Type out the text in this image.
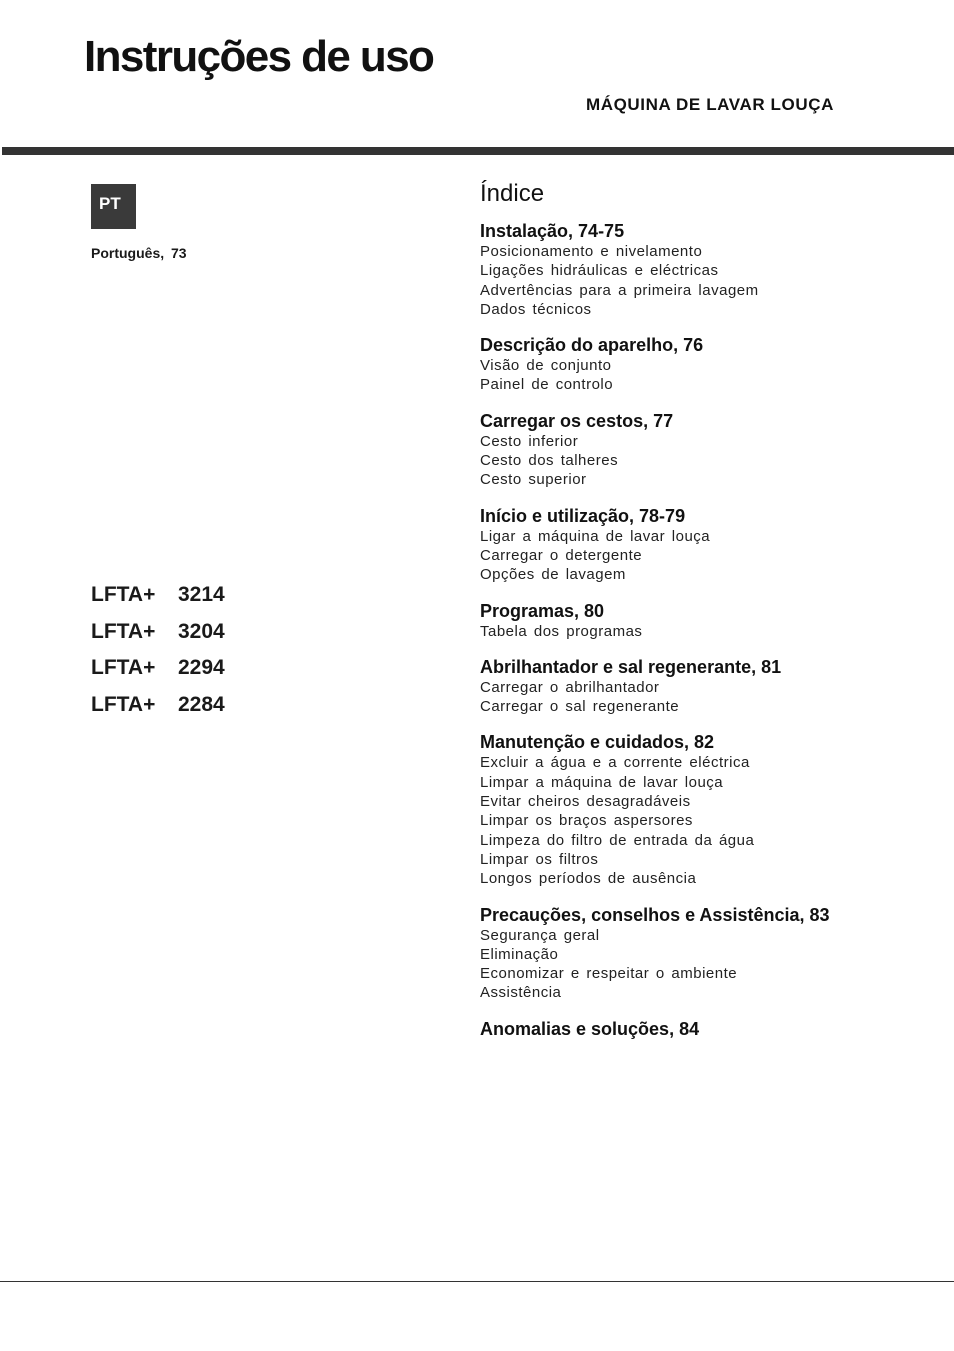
Instruções de uso
MÁQUINA DE LAVAR LOUÇA
PT
Português, 73
LFTA+ 3214
LFTA+ 3204
LFTA+ 2294
LFTA+ 2284
Índice
Instalação, 74-75
Posicionamento e nivelamento
Ligações hidráulicas e eléctricas
Advertências para a primeira lavagem
Dados técnicos
Descrição do aparelho, 76
Visão de conjunto
Painel de controlo
Carregar os cestos, 77
Cesto inferior
Cesto dos talheres
Cesto superior
Início e utilização, 78-79
Ligar a máquina de lavar louça
Carregar o detergente
Opções de lavagem
Programas, 80
Tabela dos programas
Abrilhantador e sal regenerante, 81
Carregar o abrilhantador
Carregar o sal regenerante
Manutenção e cuidados, 82
Excluir a água e a corrente eléctrica
Limpar a máquina de lavar louça
Evitar cheiros desagradáveis
Limpar os braços aspersores
Limpeza do filtro de entrada da água
Limpar os filtros
Longos períodos de ausência
Precauções, conselhos e Assistência, 83
Segurança geral
Eliminação
Economizar e respeitar o ambiente
Assistência
Anomalias e soluções, 84
